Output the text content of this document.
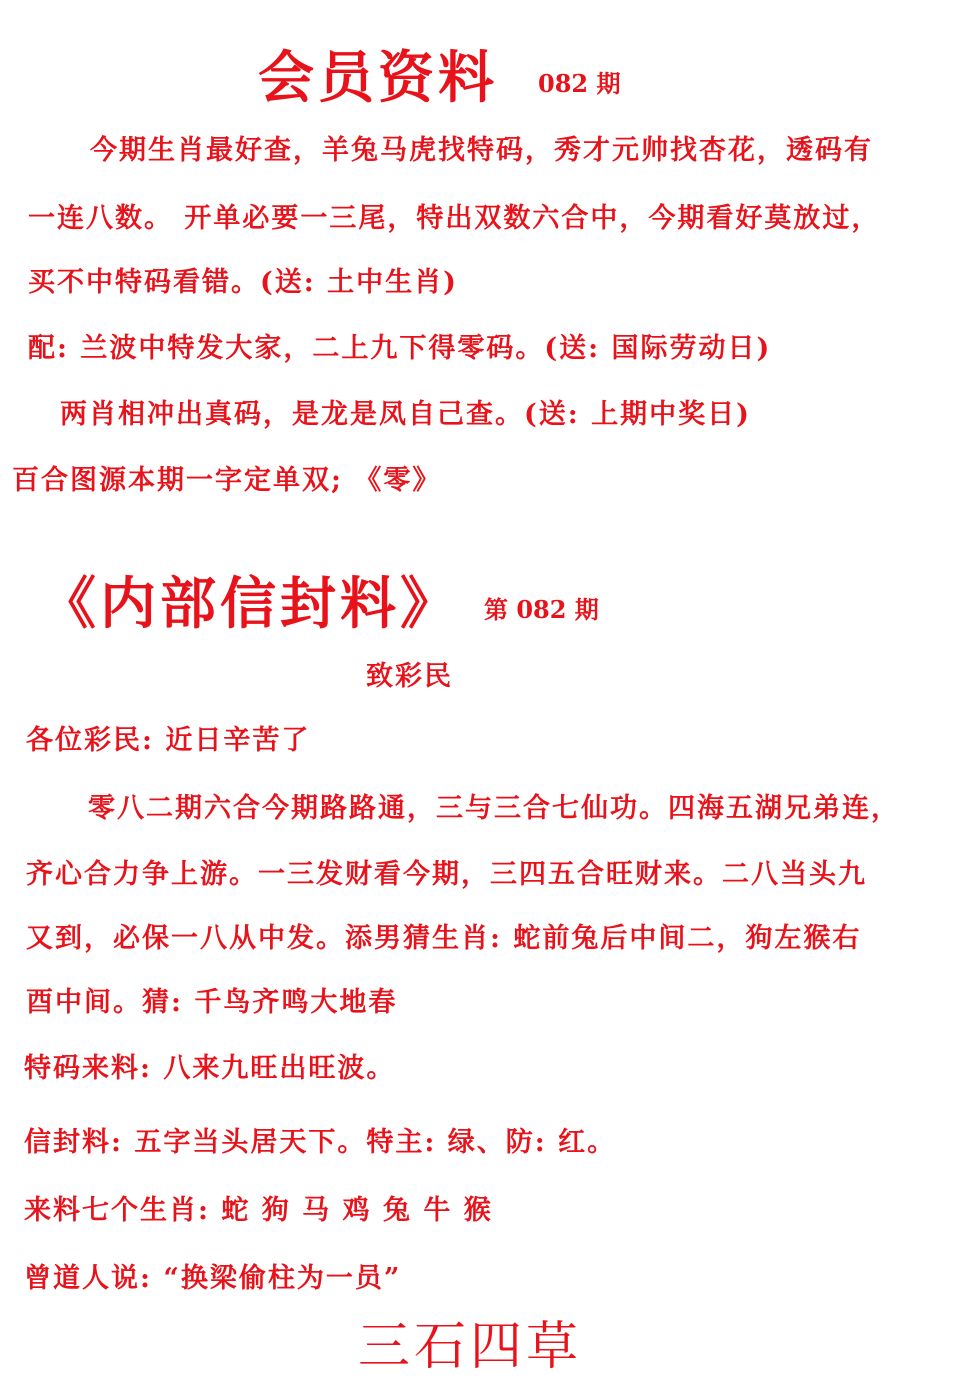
会员资料 082 期
今期生肖最好查，羊兔马虎找特码，秀才元帅找杏花，透码有
一连八数。 开单必要一三尾，特出双数六合中，今期看好莫放过，
买不中特码看错。(送: 土中生肖)
配: 兰波中特发大家，二上九下得零码。(送: 国际劳动日)
两肖相冲出真码，是龙是凤自己查。(送: 上期中奖日)
百合图源本期一字定单双; 《零》
《内部信封料》 第 082 期
致彩民
各位彩民: 近日辛苦了
零八二期六合今期路路通，三与三合七仙功。四海五湖兄弟连，
齐心合力争上游。一三发财看今期，三四五合旺财来。二八当头九
又到，必保一八从中发。添男猜生肖: 蛇前兔后中间二，狗左猴右
酉中间。猜: 千鸟齐鸣大地春
特码来料: 八来九旺出旺波。
信封料: 五字当头居天下。特主: 绿、防: 红。
来料七个生肖: 蛇 狗 马 鸡 兔 牛 猴
曾道人说: “换梁偷柱为一员”
三石四草
